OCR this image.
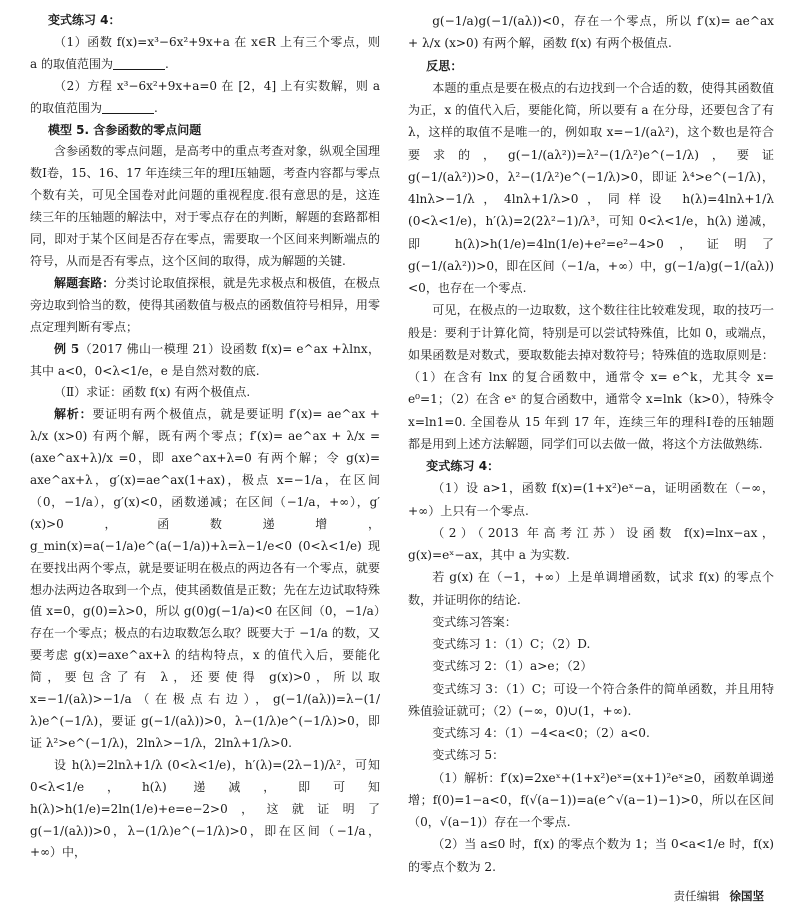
变式练习 4：

（1）函数 f(x)=x³−6x²+9x+a 在 x∈R 上有三个零点，则 a 的取值范围为	.

（2）方程 x³−6x²+9x+a=0 在 [2，4] 上有实数解，则 a 的取值范围为	.

模型 5. 含参函数的零点问题

含参函数的零点问题，是高考中的重点考查对象，纵观全国理数Ⅰ卷，15、16、17 年连续三年的理Ⅰ压轴题，考查内容都与零点个数有关，可见全国卷对此问题的重视程度.很有意思的是，这连续三年的压轴题的解法中，对于零点存在的判断，解题的套路都相同，即对于某个区间是否存在零点，需要取一个区间来判断端点的符号，从而是否有零点，这个区间的取得，成为解题的关键.

解题套路：分类讨论取值探根，就是先求极点和极值，在极点旁边取到恰当的数，使得其函数值与极点的函数值符号相异，用零点定理判断有零点；

例 5（2017 佛山一模理 21）设函数 f(x)= e^ax +λlnx，其中 a<0，0<λ<1/e，e 是自然对数的底.

（Ⅱ）求证：函数 f(x) 有两个极值点.

解析：要证明有两个极值点，就是要证明 f′(x)= ae^ax + λ/x (x>0) 有两个解，既有两个零点；f′(x)= ae^ax + λ/x = (axe^ax+λ)/x =0，即 axe^ax+λ=0 有两个解；令 g(x)= axe^ax+λ，g′(x)=ae^ax(1+ax)，极点 x=−1/a，在区间（0，−1/a），g′(x)<0，函数递减；在区间（−1/a，+∞），g′(x)>0，函数递增，g_min(x)=a(−1/a)e^(a(−1/a))+λ=λ−1/e<0 (0<λ<1/e) 现在要找出两个零点，就是要证明在极点的两边各有一个零点，就要想办法两边各取到一个点，使其函数值是正数；先在左边试取特殊值 x=0，g(0)=λ>0，所以 g(0)g(−1/a)<0 在区间（0，−1/a）存在一个零点；极点的右边取数怎么取？既要大于 −1/a 的数，又要考虑 g(x)=axe^ax+λ 的结构特点，x 的值代入后，要能化简，要包含了有 λ，还要使得 g(x)>0，所以取 x=−1/(aλ)>−1/a（在极点右边），g(−1/(aλ))=λ−(1/λ)e^(−1/λ)，要证 g(−1/(aλ))>0，λ−(1/λ)e^(−1/λ)>0，即证 λ²>e^(−1/λ)，2lnλ>−1/λ，2lnλ+1/λ>0.

设 h(λ)=2lnλ+1/λ (0<λ<1/e)，h′(λ)=(2λ−1)/λ²，可知 0<λ<1/e，h(λ) 递减，即可知 h(λ)>h(1/e)=2ln(1/e)+e=e−2>0，这就证明了 g(−1/(aλ))>0，λ−(1/λ)e^(−1/λ)>0，即在区间（−1/a，+∞）中，

g(−1/a)g(−1/(aλ))<0，存在一个零点，所以 f′(x)= ae^ax + λ/x (x>0) 有两个解，函数 f(x) 有两个极值点.

反思：

本题的重点是要在极点的右边找到一个合适的数，使得其函数值为正，x 的值代入后，要能化简，所以要有 a 在分母，还要包含了有 λ，这样的取值不是唯一的，例如取 x=−1/(aλ²)，这个数也是符合要求的，g(−1/(aλ²))=λ²−(1/λ²)e^(−1/λ)，要证 g(−1/(aλ²))>0，λ²−(1/λ²)e^(−1/λ)>0，即证 λ⁴>e^(−1/λ)，4lnλ>−1/λ，4lnλ+1/λ>0，同样设 h(λ)=4lnλ+1/λ (0<λ<1/e)，h′(λ)=2(2λ²−1)/λ³，可知 0<λ<1/e，h(λ) 递减，即 h(λ)>h(1/e)=4ln(1/e)+e²=e²−4>0，证明了 g(−1/(aλ²))>0，即在区间（−1/a，+∞）中，g(−1/a)g(−1/(aλ))<0，也存在一个零点.

可见，在极点的一边取数，这个数往往比较难发现，取的技巧一般是：要利于计算化简，特别是可以尝试特殊值，比如 0，或端点，如果函数是对数式，要取数能去掉对数符号；特殊值的选取原则是：（1）在含有 lnx 的复合函数中，通常令 x= e^k，尤其令 x= e⁰=1；（2）在含 eˣ 的复合函数中，通常令 x=lnk（k>0），特殊令 x=ln1=0. 全国卷从 15 年到 17 年，连续三年的理科Ⅰ卷的压轴题都是用到上述方法解题，同学们可以去做一做，将这个方法做熟练.

变式练习 4：

（1）设 a>1，函数 f(x)=(1+x²)eˣ−a，证明函数在（−∞，+∞）上只有一个零点.

（2）（2013 年高考江苏）设函数 f(x)=lnx−ax，g(x)=eˣ−ax，其中 a 为实数.

若 g(x) 在（−1，+∞）上是单调增函数，试求 f(x) 的零点个数，并证明你的结论.

变式练习答案：

变式练习 1：（1）C；（2）D.

变式练习 2：（1）a>e；（2）

变式练习 3：（1）C；可设一个符合条件的简单函数，并且用特殊值验证就可；（2）(−∞，0)∪(1，+∞).

变式练习 4：（1）−4<a<0；（2）a<0.

变式练习 5：

（1）解析：f′(x)=2xeˣ+(1+x²)eˣ=(x+1)²eˣ≥0，函数单调递增；f(0)=1−a<0，f(√(a−1))=a(e^√(a−1)−1)>0，所以在区间（0，√(a−1)）存在一个零点.

（2）当 a≤0 时，f(x) 的零点个数为 1；当 0<a<1/e 时，f(x) 的零点个数为 2.

责任编辑 徐国坚
